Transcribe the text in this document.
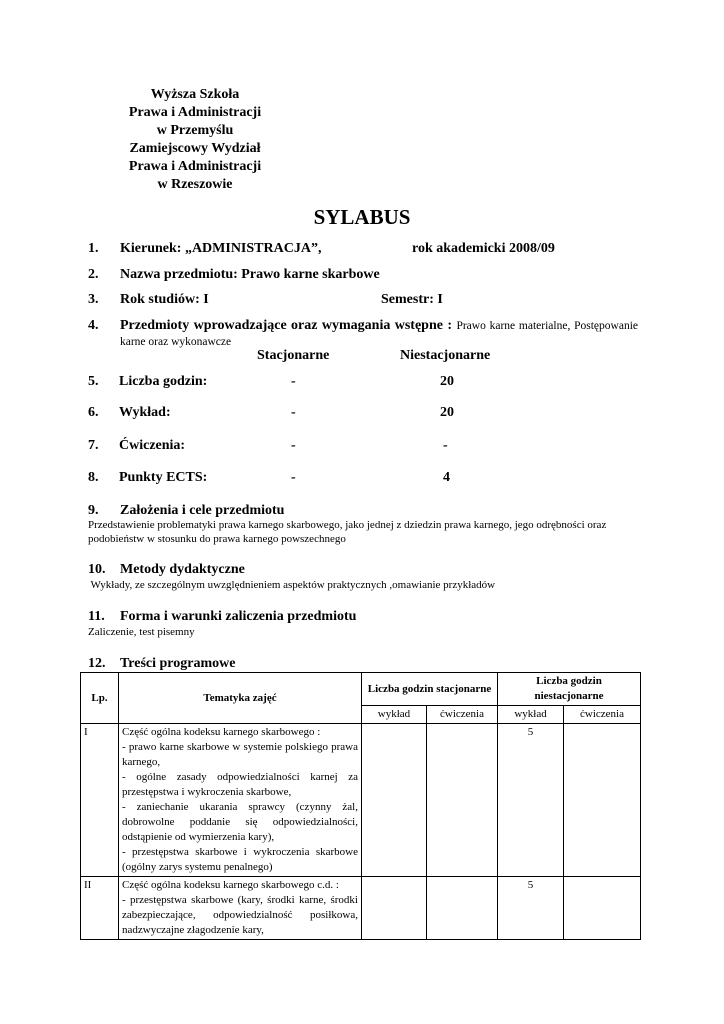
Wyższa Szkoła
Prawa i Administracji
w Przemyślu
Zamiejscowy Wydział
Prawa i Administracji
w Rzeszowie
SYLABUS
1. Kierunek: „ADMINISTRACJA”,	rok akademicki 2008/09
2. Nazwa przedmiotu: Prawo karne skarbowe
3. Rok studiów: I	Semestr: I
4. Przedmioty wprowadzające oraz wymagania wstępne : Prawo karne materialne, Postępowanie karne oraz wykonawcze
Stacjonarne	Niestacjonarne
5. Liczba godzin:	-	20
6. Wykład:	-	20
7. Ćwiczenia:	-	-
8. Punkty ECTS:	-	4
9. Założenia i cele przedmiotu
Przedstawienie problematyki prawa karnego skarbowego, jako jednej z dziedzin prawa karnego, jego odrębności oraz podobieństw w stosunku do prawa karnego powszechnego
10. Metody dydaktyczne
Wykłady, ze szczególnym uwzględnieniem aspektów praktycznych ,omawianie przykładów
11. Forma i warunki zaliczenia przedmiotu
Zaliczenie, test pisemny
12. Treści programowe
Lp.	Tematyka zajęć	Liczba godzin stacjonarne		Liczba godzin niestacjonarne	
		wykład	ćwiczenia	wykład	ćwiczenia
I	Część ogólna kodeksu karnego skarbowego :
- prawo karne skarbowe w systemie polskiego prawa karnego,
- ogólne zasady odpowiedzialności karnej za przestępstwa i wykroczenia skarbowe,
- zaniechanie ukarania sprawcy (czynny żal, dobrowolne poddanie się odpowiedzialności, odstąpienie od wymierzenia kary),
- przestępstwa skarbowe i wykroczenia skarbowe (ogólny zarys systemu penalnego)			5	
II	Część ogólna kodeksu karnego skarbowego c.d. :
- przestępstwa skarbowe (kary, środki karne, środki zabezpieczające, odpowiedzialność posiłkowa, nadzwyczajne złagodzenie kary,			5	
